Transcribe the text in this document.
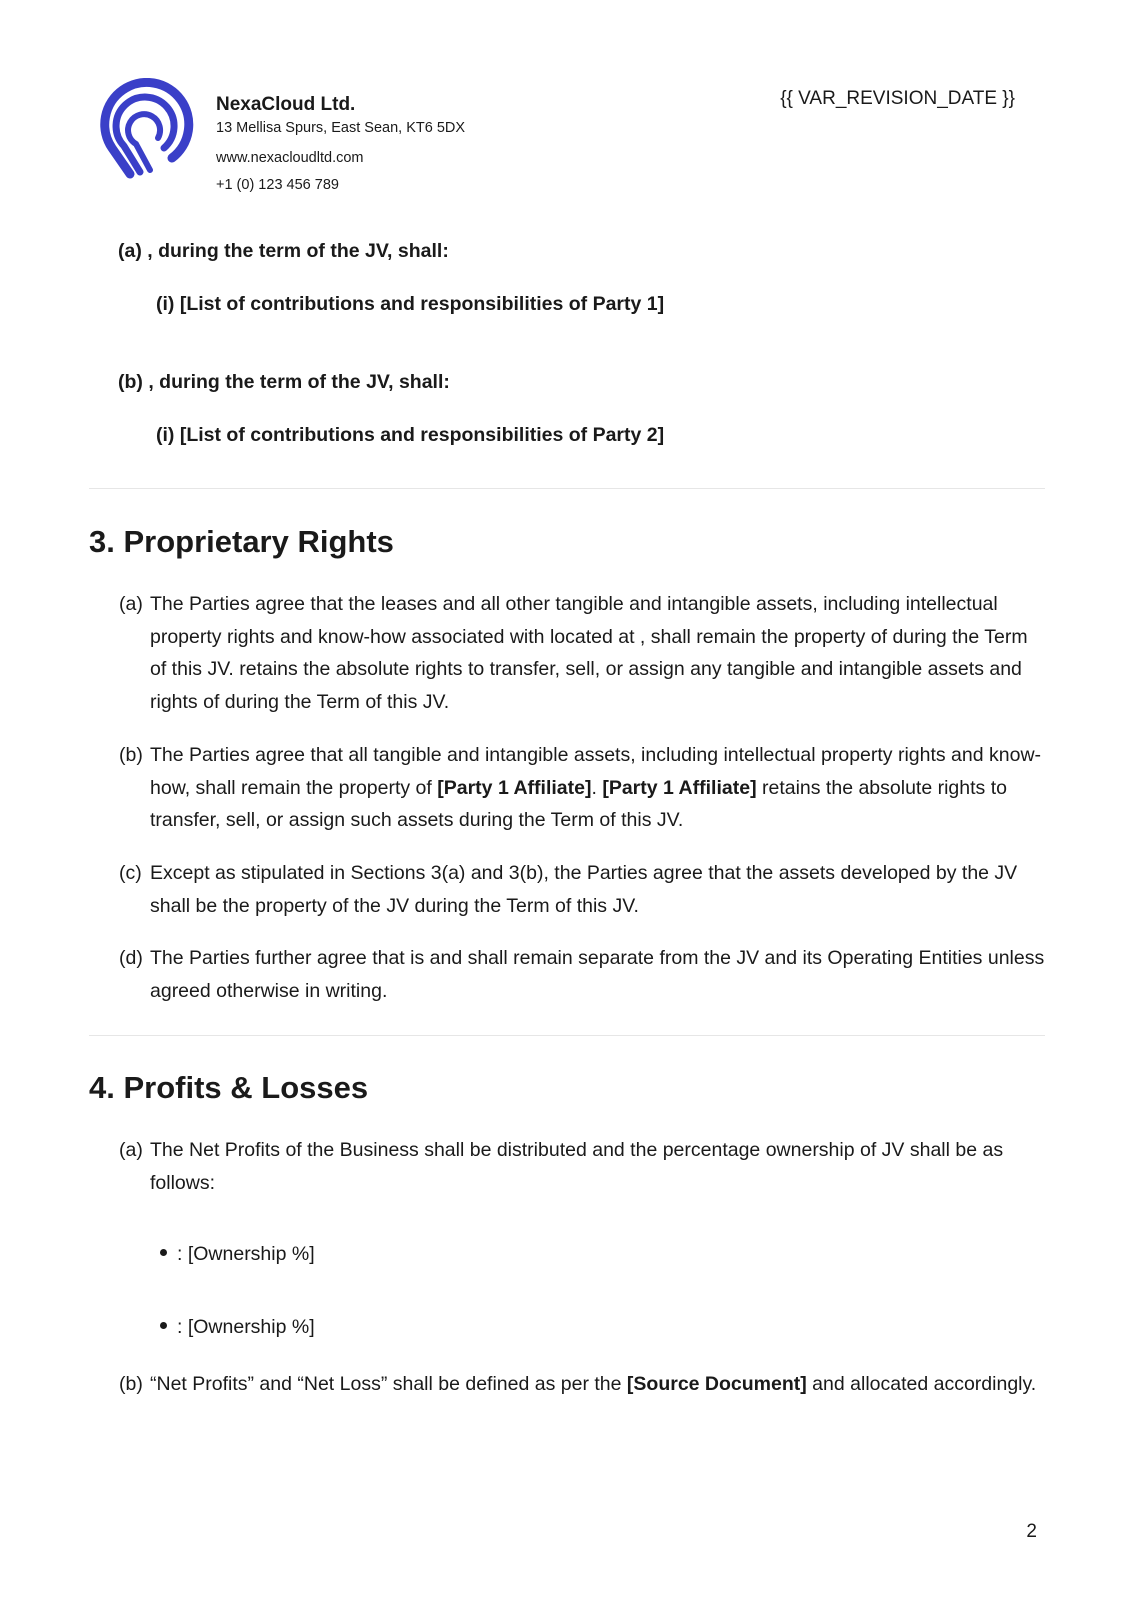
NexaCloud Ltd.
13 Mellisa Spurs, East Sean, KT6 5DX
www.nexacloudltd.com
+1 (0) 123 456 789
{{ VAR_REVISION_DATE }}
(a) , during the term of the JV, shall:
(i) [List of contributions and responsibilities of Party 1]
(b) , during the term of the JV, shall:
(i) [List of contributions and responsibilities of Party 2]
3. Proprietary Rights
(a) The Parties agree that the leases and all other tangible and intangible assets, including intellectual property rights and know-how associated with located at , shall remain the property of during the Term of this JV. retains the absolute rights to transfer, sell, or assign any tangible and intangible assets and rights of during the Term of this JV.
(b) The Parties agree that all tangible and intangible assets, including intellectual property rights and know-how, shall remain the property of [Party 1 Affiliate]. [Party 1 Affiliate] retains the absolute rights to transfer, sell, or assign such assets during the Term of this JV.
(c) Except as stipulated in Sections 3(a) and 3(b), the Parties agree that the assets developed by the JV shall be the property of the JV during the Term of this JV.
(d) The Parties further agree that is and shall remain separate from the JV and its Operating Entities unless agreed otherwise in writing.
4. Profits & Losses
(a) The Net Profits of the Business shall be distributed and the percentage ownership of JV shall be as follows:
: [Ownership %]
: [Ownership %]
(b) “Net Profits” and “Net Loss” shall be defined as per the [Source Document] and allocated accordingly.
2
